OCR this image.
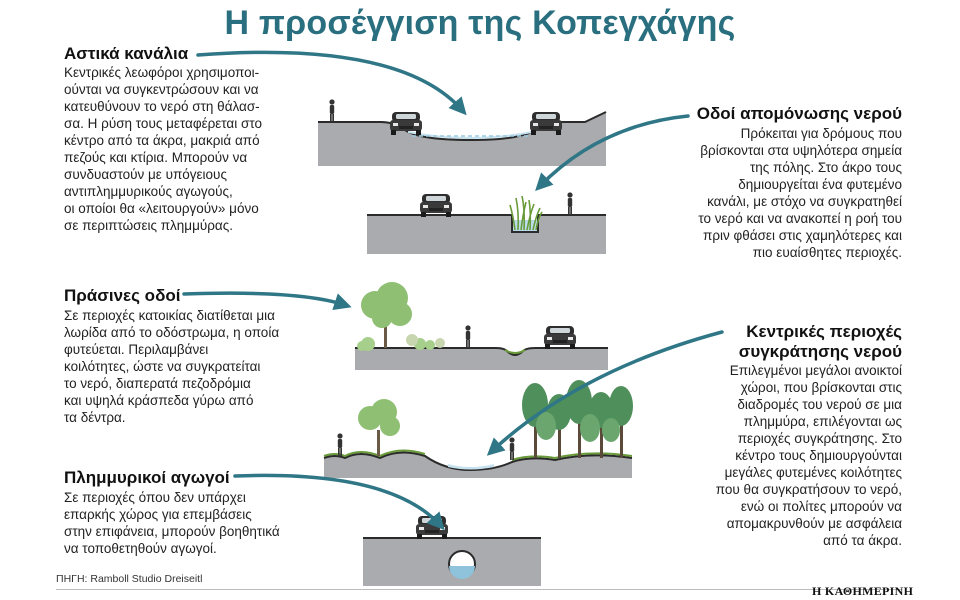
Η προσέγγιση της Κοπεγχάγης
Αστικά κανάλια
Κεντρικές λεωφόροι χρησιμοποι-
ούνται να συγκεντρώσουν και να
κατευθύνουν το νερό στη θάλασ-
σα. Η ρύση τους μεταφέρεται στο
κέντρο από τα άκρα, μακριά από
πεζούς και κτίρια. Μπορούν να
συνδυαστούν με υπόγειους
αντιπλημμυρικούς αγωγούς,
οι οποίοι θα «λειτουργούν» μόνο
σε περιπτώσεις πλημμύρας.
Οδοί απομόνωσης νερού
Πρόκειται για δρόμους που
βρίσκονται στα υψηλότερα σημεία
της πόλης. Στο άκρο τους
δημιουργείται ένα φυτεμένο
κανάλι, με στόχο να συγκρατηθεί
το νερό και να ανακοπεί η ροή του
πριν φθάσει στις χαμηλότερες και
πιο ευαίσθητες περιοχές.
Πράσινες οδοί
Σε περιοχές κατοικίας διατίθεται μια
λωρίδα από το οδόστρωμα, η οποία
φυτεύεται. Περιλαμβάνει
κοιλότητες, ώστε να συγκρατείται
το νερό, διαπερατά πεζοδρόμια
και υψηλά κράσπεδα γύρω από
τα δέντρα.
Κεντρικές περιοχές
συγκράτησης νερού
Επιλεγμένοι μεγάλοι ανοικτοί
χώροι, που βρίσκονται στις
διαδρομές του νερού σε μια
πλημμύρα, επιλέγονται ως
περιοχές συγκράτησης. Στο
κέντρο τους δημιουργούνται
μεγάλες φυτεμένες κοιλότητες
που θα συγκρατήσουν το νερό,
ενώ οι πολίτες μπορούν να
απομακρυνθούν με ασφάλεια
από τα άκρα.
Πλημμυρικοί αγωγοί
Σε περιοχές όπου δεν υπάρχει
επαρκής χώρος για επεμβάσεις
στην επιφάνεια, μπορούν βοηθητικά
να τοποθετηθούν αγωγοί.
ΠΗΓΗ: Ramboll Studio Dreiseitl
Η ΚΑΘΗΜΕΡΙΝΗ
